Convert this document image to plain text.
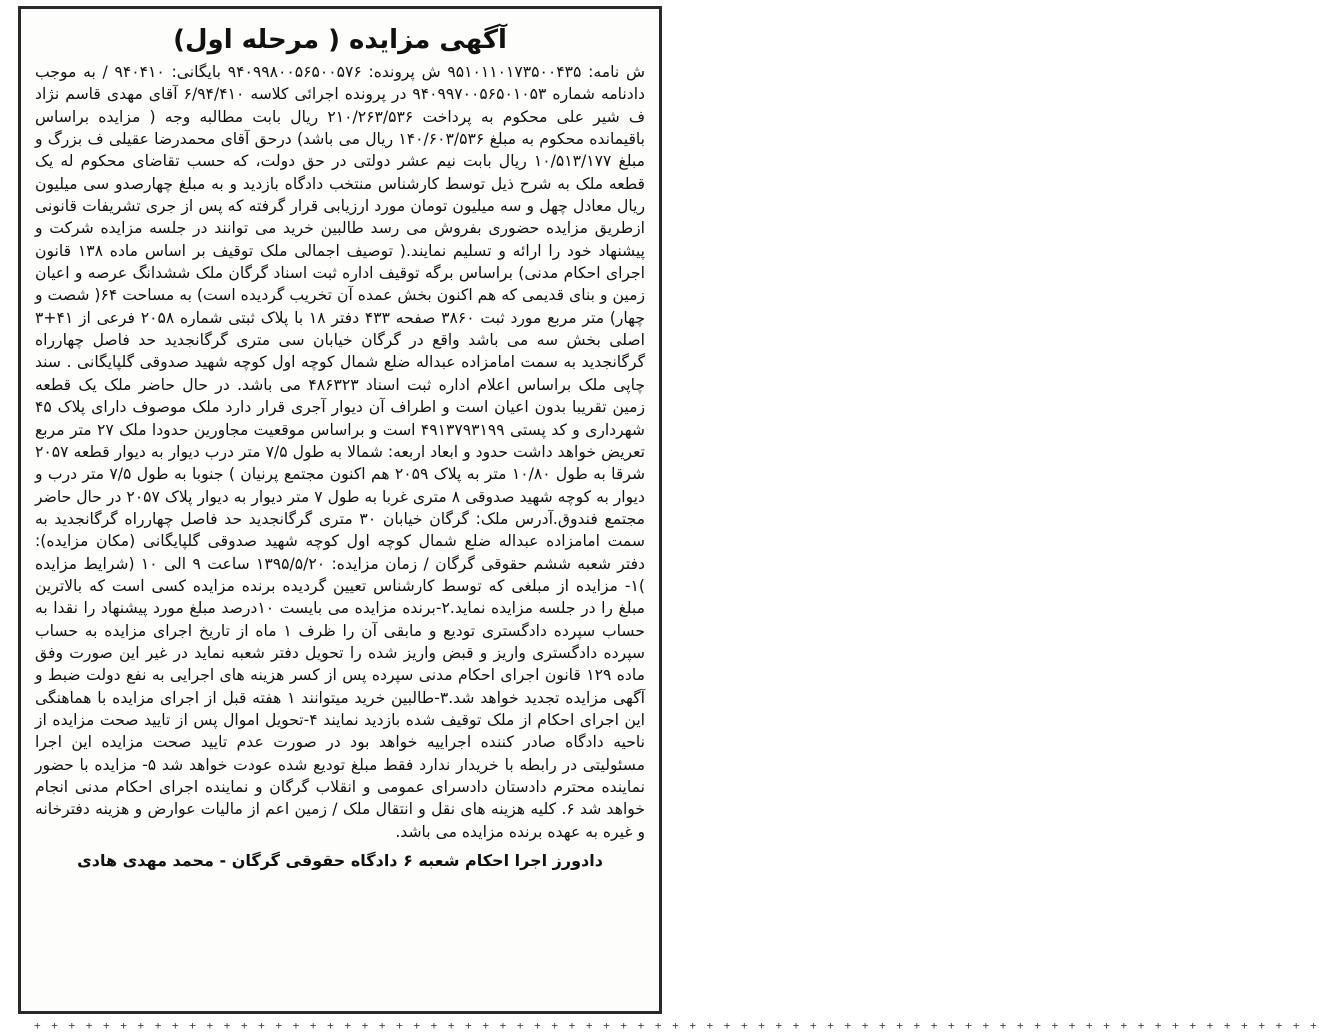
آگهی مزایده ( مرحله اول)

ش نامه: ۹۵۱۰۱۱۰۱۷۳۵۰۰۴۳۵ ش پرونده: ۹۴۰۹۹۸۰۰۵۶۵۰۰۵۷۶ بایگانی: ۹۴۰۴۱۰ / به موجب دادنامه شماره ۹۴۰۹۹۷۰۰۵۶۵۰۱۰۵۳ در پرونده اجرائی کلاسه ۶/۹۴/۴۱۰ آقای مهدی قاسم نژاد ف شیر علی محکوم به پرداخت ۲۱۰/۲۶۳/۵۳۶ ریال بابت مطالبه وجه ( مزایده براساس باقیمانده محکوم به مبلغ ۱۴۰/۶۰۳/۵۳۶ ریال می باشد) درحق آقای محمدرضا عقیلی ف بزرگ و مبلغ ۱۰/۵۱۳/۱۷۷ ریال بابت نیم عشر دولتی در حق دولت، که حسب تقاضای محکوم له یک قطعه ملک به شرح ذیل توسط کارشناس منتخب دادگاه بازدید و به مبلغ چهارصدو سی میلیون ریال معادل چهل و سه میلیون تومان مورد ارزیابی قرار گرفته که پس از جری تشریفات قانونی ازطریق مزایده حضوری بفروش می رسد طالبین خرید می توانند در جلسه مزایده شرکت و پیشنهاد خود را ارائه و تسلیم نمایند.( توصیف اجمالی ملک توقیف بر اساس ماده ۱۳۸ قانون اجرای احکام مدنی) براساس برگه توقیف اداره ثبت اسناد گرگان ملک ششدانگ عرصه و اعیان زمین و بنای قدیمی که هم اکنون بخش عمده آن تخریب گردیده است) به مساحت ۶۴( شصت و چهار) متر مربع مورد ثبت ۳۸۶۰ صفحه ۴۳۳ دفتر ۱۸ با پلاک ثبتی شماره ۲۰۵۸ فرعی از ۴۱+۳ اصلی بخش سه می باشد واقع در گرگان خیابان سی متری گرگانجدید حد فاصل چهارراه گرگانجدید به سمت امامزاده عبداله ضلع شمال کوچه اول کوچه شهید صدوقی گلپایگانی . سند چاپی ملک براساس اعلام اداره ثبت اسناد ۴۸۶۳۲۳ می باشد. در حال حاضر ملک یک قطعه زمین تقریبا بدون اعیان است و اطراف آن دیوار آجری قرار دارد ملک موصوف دارای پلاک ۴۵ شهرداری و کد پستی ۴۹۱۳۷۹۳۱۹۹ است و براساس موقعیت مجاورین حدودا ملک ۲۷ متر مربع تعریض خواهد داشت حدود و ابعاد اربعه: شمالا به طول ۷/۵ متر درب دیوار به دیوار قطعه ۲۰۵۷ شرقا به طول ۱۰/۸۰ متر به پلاک ۲۰۵۹ هم اکنون مجتمع پرنیان ) جنوبا به طول ۷/۵ متر درب و دیوار به کوچه شهید صدوقی ۸ متری غربا به طول ۷ متر دیوار به دیوار پلاک ۲۰۵۷ در حال حاضر مجتمع فندوق.آدرس ملک: گرگان خیابان ۳۰ متری گرگانجدید حد فاصل چهارراه گرگانجدید به سمت امامزاده عبداله ضلع شمال کوچه اول کوچه شهید صدوقی گلپایگانی (مکان مزایده): دفتر شعبه ششم حقوقی گرگان / زمان مزایده: ۱۳۹۵/۵/۲۰ ساعت ۹ الی ۱۰ (شرایط مزایده )۱- مزایده از مبلغی که توسط کارشناس تعیین گردیده برنده مزایده کسی است که بالاترین مبلغ را در جلسه مزایده نماید.۲-برنده مزایده می بایست ۱۰درصد مبلغ مورد پیشنهاد را نقدا به حساب سپرده دادگستری تودیع و مابقی آن را ظرف ۱ ماه از تاریخ اجرای مزایده به حساب سپرده دادگستری واریز و قبض واریز شده را تحویل دفتر شعبه نماید در غیر این صورت وفق ماده ۱۲۹ قانون اجرای احکام مدنی سپرده پس از کسر هزینه های اجرایی به نفع دولت ضبط و آگهی مزایده تجدید خواهد شد.۳-طالبین خرید میتوانند ۱ هفته قبل از اجرای مزایده با هماهنگی این اجرای احکام از ملک توقیف شده بازدید نمایند ۴-تحویل اموال پس از تایید صحت مزایده از ناحیه دادگاه صادر کننده اجراییه خواهد بود در صورت عدم تایید صحت مزایده این اجرا مسئولیتی در رابطه با خریدار ندارد فقط مبلغ تودیع شده عودت خواهد شد ۵- مزایده با حضور نماینده محترم دادستان دادسرای عمومی و انقلاب گرگان و نماینده اجرای احکام مدنی انجام خواهد شد ۶. کلیه هزینه های نقل و انتقال ملک / زمین اعم از مالیات عوارض و هزینه دفترخانه و غیره به عهده برنده مزایده می باشد.

دادورز اجرا احکام شعبه ۶ دادگاه حقوقی گرگان - محمد مهدی هادی
+ + + + + + + + + + + + + + + + + + + + + + + + + + + + + + + + + + + + + + + + + + + + + + + + + + + + + + + + + + + + + + + + + + + + + + + + + + +
